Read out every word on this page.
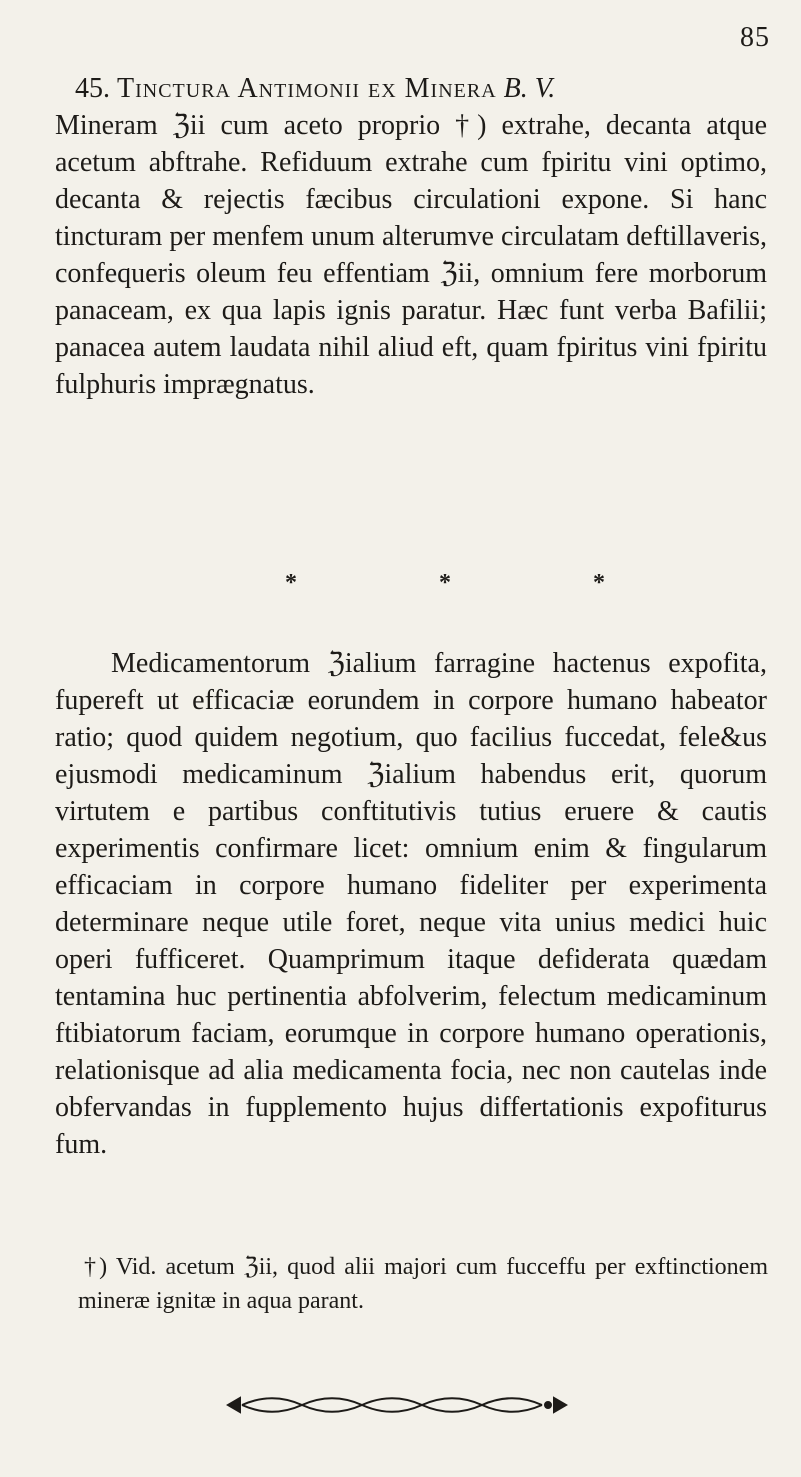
85
45. Tinctura Antimonii ex Minera B. V.
Mineram ℨii cum aceto proprio †) extrahe, decanta atque acetum abftrahe. Refiduum extrahe cum fpiritu vini optimo, decanta & rejectis fæcibus circulationi expone. Si hanc tincturam per menfem unum alterumve circulatam deftillaveris, confequeris oleum feu effentiam ℨii, omnium fere morborum panaceam, ex qua lapis ignis paratur. Hæc funt verba Bafilii; panacea autem laudata nihil aliud eft, quam fpiritus vini fpiritu fulphuris imprægnatus.
*	*	*
Medicamentorum ℨialium farragine hactenus expofita, fupereft ut efficaciæ eorundem in corpore humano habeator ratio; quod quidem negotium, quo facilius fuccedat, fele&us ejusmodi medicaminum ℨialium habendus erit, quorum virtutem e partibus conftitutivis tutius eruere & cautis experimentis confirmare licet: omnium enim & fingularum efficaciam in corpore humano fideliter per experimenta determinare neque utile foret, neque vita unius medici huic operi fufficeret. Quamprimum itaque defiderata quædam tentamina huc pertinentia abfolverim, felectum medicaminum ftibiatorum faciam, eorumque in corpore humano operationis, relationisque ad alia medicamenta focia, nec non cautelas inde obfervandas in fupplemento hujus differtationis expofiturus fum.
†) Vid. acetum ℨii, quod alii majori cum fucceffu per exftinctionem mineræ ignitæ in aqua parant.
